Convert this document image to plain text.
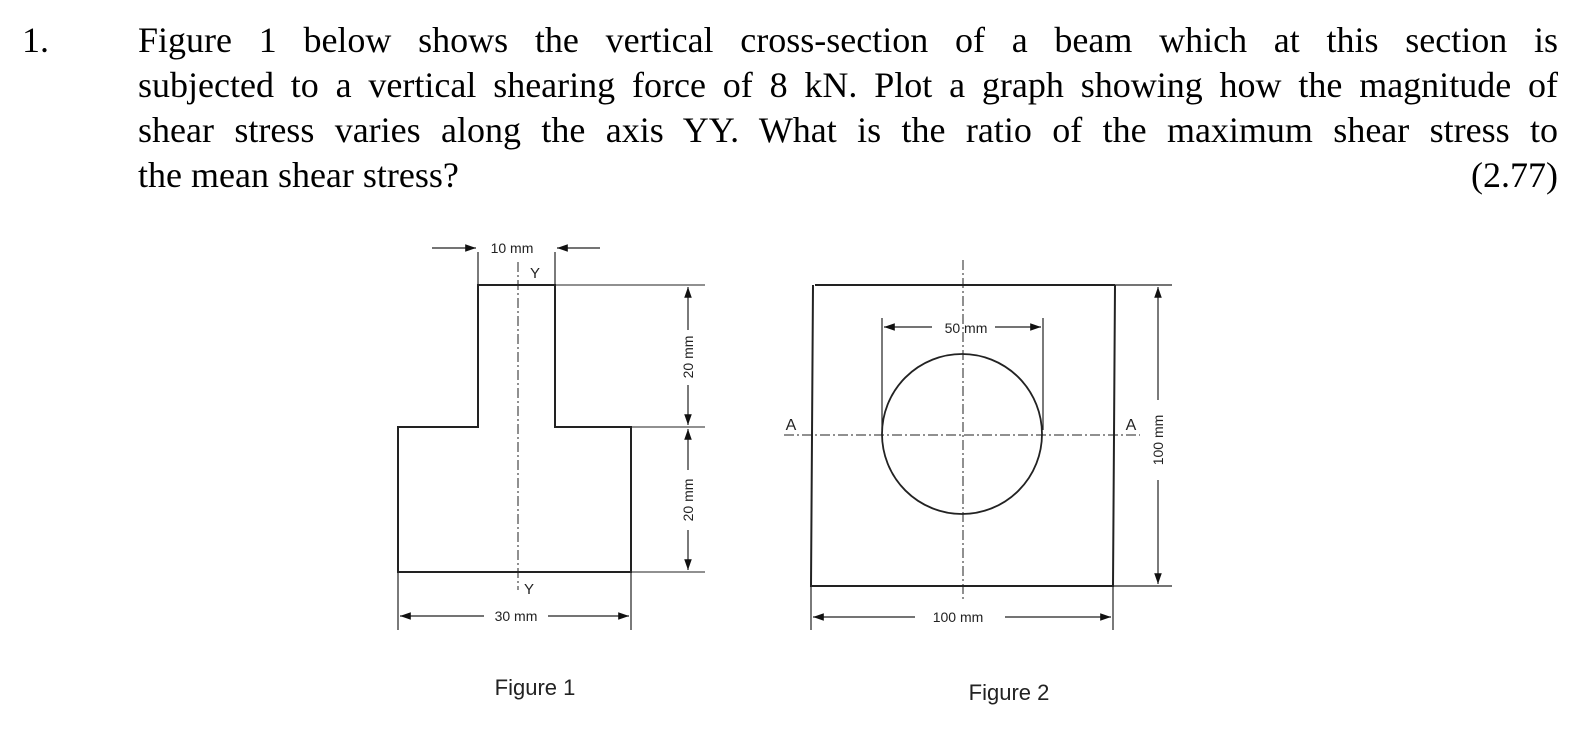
1. Figure 1 below shows the vertical cross-section of a beam which at this section is
subjected to a vertical shearing force of 8 kN. Plot a graph showing how the magnitude of
shear stress varies along the axis YY. What is the ratio of the maximum shear stress to
the mean shear stress?	(2.77)
10 mm
Y
Y
30 mm
20 mm
20 mm
Figure 1
50 mm
A	A
100 mm
100 mm
Figure 2
